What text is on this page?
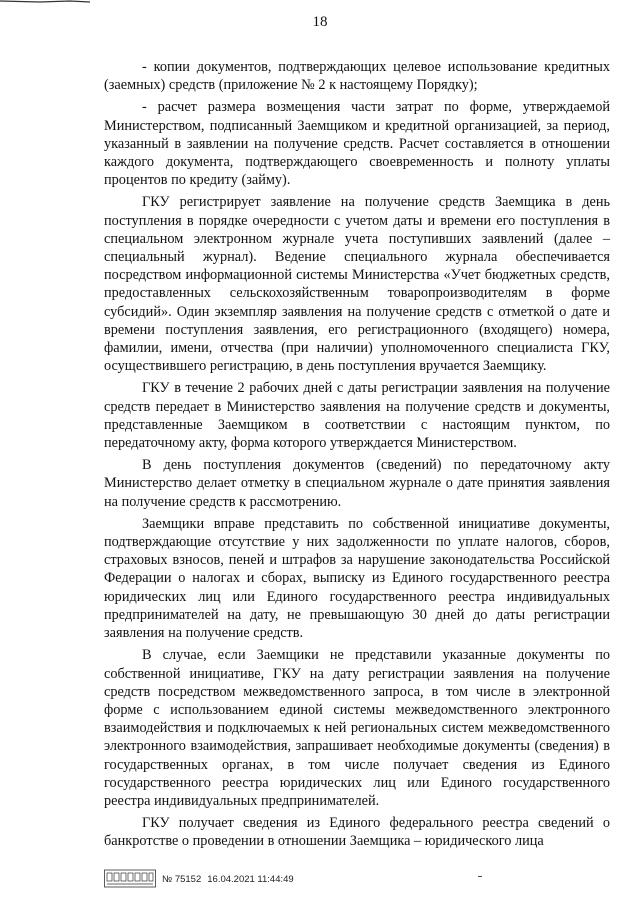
18

- копии документов, подтверждающих целевое использование кредитных (заемных) средств (приложение № 2 к настоящему Порядку);

- расчет размера возмещения части затрат по форме, утверждаемой Министерством, подписанный Заемщиком и кредитной организацией, за период, указанный в заявлении на получение средств. Расчет составляется в отношении каждого документа, подтверждающего своевременность и полноту уплаты процентов по кредиту (займу).

ГКУ регистрирует заявление на получение средств Заемщика в день поступления в порядке очередности с учетом даты и времени его поступления в специальном электронном журнале учета поступивших заявлений (далее – специальный журнал). Ведение специального журнала обеспечивается посредством информационной системы Министерства «Учет бюджетных средств, предоставленных сельскохозяйственным товаропроизводителям в форме субсидий». Один экземпляр заявления на получение средств с отметкой о дате и времени поступления заявления, его регистрационного (входящего) номера, фамилии, имени, отчества (при наличии) уполномоченного специалиста ГКУ, осуществившего регистрацию, в день поступления вручается Заемщику.

ГКУ в течение 2 рабочих дней с даты регистрации заявления на получение средств передает в Министерство заявления на получение средств и документы, представленные Заемщиком в соответствии с настоящим пунктом, по передаточному акту, форма которого утверждается Министерством.

В день поступления документов (сведений) по передаточному акту Министерство делает отметку в специальном журнале о дате принятия заявления на получение средств к рассмотрению.

Заемщики вправе представить по собственной инициативе документы, подтверждающие отсутствие у них задолженности по уплате налогов, сборов, страховых взносов, пеней и штрафов за нарушение законодательства Российской Федерации о налогах и сборах, выписку из Единого государственного реестра юридических лиц или Единого государственного реестра индивидуальных предпринимателей на дату, не превышающую 30 дней до даты регистрации заявления на получение средств.

В случае, если Заемщики не представили указанные документы по собственной инициативе, ГКУ на дату регистрации заявления на получение средств посредством межведомственного запроса, в том числе в электронной форме с использованием единой системы межведомственного электронного взаимодействия и подключаемых к ней региональных систем межведомственного электронного взаимодействия, запрашивает необходимые документы (сведения) в государственных органах, в том числе получает сведения из Единого государственного реестра юридических лиц или Единого государственного реестра индивидуальных предпринимателей.

ГКУ получает сведения из Единого федерального реестра сведений о банкротстве о проведении в отношении Заемщика – юридического лица

№ 75152 16.04.2021 11:44:49
